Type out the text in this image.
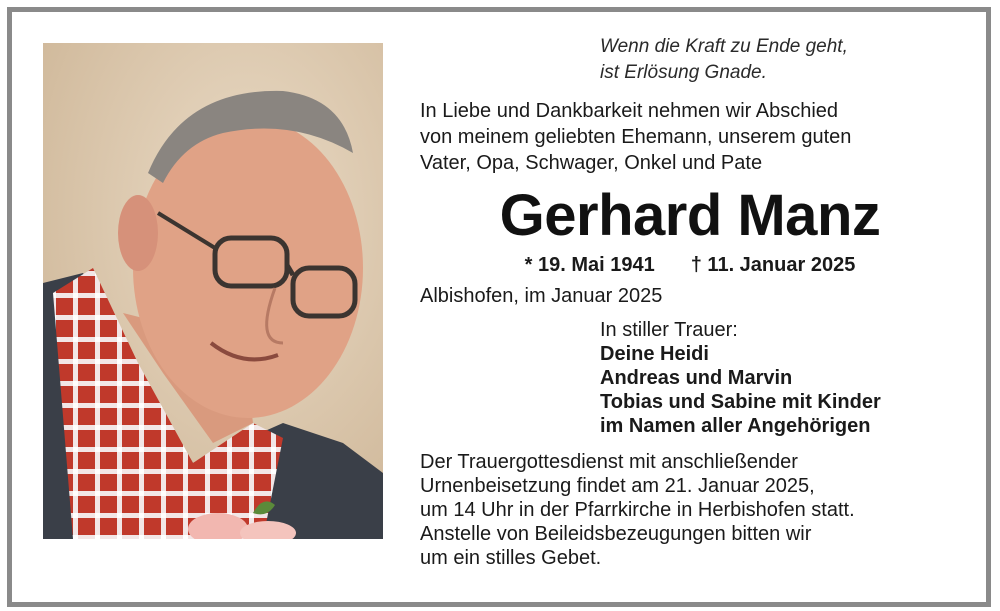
Wenn die Kraft zu Ende geht,
ist Erlösung Gnade.
In Liebe und Dankbarkeit nehmen wir Abschied
von meinem geliebten Ehemann, unserem guten
Vater, Opa, Schwager, Onkel und Pate
Gerhard Manz
* 19. Mai 1941 † 11. Januar 2025
Albishofen, im Januar 2025
In stiller Trauer:
Deine Heidi
Andreas und Marvin
Tobias und Sabine mit Kinder
im Namen aller Angehörigen
Der Trauergottesdienst mit anschließender
Urnenbeisetzung findet am 21. Januar 2025,
um 14 Uhr in der Pfarrkirche in Herbishofen statt.
Anstelle von Beileidsbezeugungen bitten wir
um ein stilles Gebet.
